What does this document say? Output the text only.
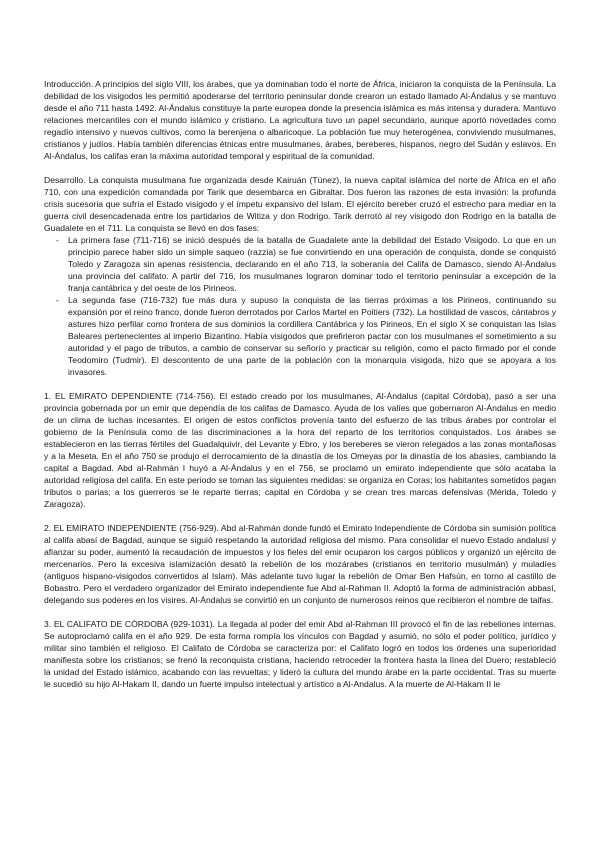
Introducción. A principios del siglo VIII, los árabes, que ya dominaban todo el norte de África, iniciaron la conquista de la Península. La debilidad de los visigodos les permitió apoderarse del territorio peninsular donde crearon un estado llamado Al-Ándalus y se mantuvo desde el año 711 hasta 1492. Al-Ándalus constituye la parte europea donde la presencia islámica es más intensa y duradera. Mantuvo relaciones mercantiles con el mundo islámico y cristiano. La agricultura tuvo un papel secundario, aunque aportó novedades como regadío intensivo y nuevos cultivos, como la berenjena o albaricoque. La población fue muy heterogénea, conviviendo musulmanes, cristianos y judíos. Había también diferencias étnicas entre musulmanes, árabes, bereberes, hispanos, negro del Sudán y eslavos. En Al-Ándalus, los califas eran la máxima autoridad temporal y espiritual de la comunidad.

Desarrollo. La conquista musulmana fue organizada desde Kairuán (Túnez), la nueva capital islámica del norte de África en el año 710, con una expedición comandada por Tarik que desembarca en Gibraltar. Dos fueron las razones de esta invasión: la profunda crisis sucesoria que sufría el Estado visigodo y el ímpetu expansivo del Islam. El ejército bereber cruzó el estrecho para mediar en la guerra civil desencadenada entre los partidarios de Witiza y don Rodrigo. Tarik derrotó al rey visigodo don Rodrigo en la batalla de Guadalete en el 711. La conquista se llevó en dos fases:

- La primera fase (711-716) se inició después de la batalla de Guadalete ante la debilidad del Estado Visigodo. Lo que en un principio parece haber sido un simple saqueo (razzia) se fue convirtiendo en una operación de conquista, donde se conquistó Toledo y Zaragoza sin apenas resistencia, declarando en el año 713, la soberanía del Califa de Damasco, siendo Al-Ándalus una provincia del califato. A partir del 716, los musulmanes lograron dominar todo el territorio peninsular a excepción de la franja cantábrica y del oeste de los Pirineos.
- La segunda fase (716-732) fue más dura y supuso la conquista de las tierras próximas a los Pirineos, continuando su expansión por el reino franco, donde fueron derrotados por Carlos Martel en Poitiers (732). La hostilidad de vascos, cántabros y astures hizo perfilar como frontera de sus dominios la cordillera Cantábrica y los Pirineos, En el siglo X se conquistan las Islas Baleares pertenecientes al imperio Bizantino. Había visigodos que prefirieron pactar con los musulmanes el sometimiento a su autoridad y el pago de tributos, a cambio de conservar su señorío y practicar su religión, como el pacto firmado por el conde Teodomiro (Tudmir). El descontento de una parte de la población con la monarquía visigoda, hizo que se apoyara a los invasores.

1. EL EMIRATO DEPENDIENTE (714-756). El estado creado por los musulmanes, Al-Ándalus (capital Córdoba), pasó a ser una provincia gobernada por un emir que dependía de los califas de Damasco. Ayuda de los valíes que gobernaron Al-Ándalus en medio de un clima de luchas incesantes. El origen de estos conflictos provenía tanto del esfuerzo de las tribus árabes por controlar el gobierno de la Península como de las discriminaciones a la hora del reparto de los territorios conquistados. Los árabes se establecieron en las tierras fértiles del Guadalquivir, del Levante y Ebro, y los bereberes se vieron relegados a las zonas montañosas y a la Meseta. En el año 750 se produjo el derrocamiento de la dinastía de los Omeyas por la dinastía de los abasíes, cambiando la capital a Bagdad. Abd al-Rahmán I huyó a Al-Ándalus y en el 756, se proclamó un emirato independiente que sólo acataba la autoridad religiosa del califa. En este periodo se toman las siguientes medidas: se organiza en Coras; los habitantes sometidos pagan tributos o parias; a los guerreros se le reparte tierras; capital en Córdoba y se crean tres marcas defensivas (Mérida, Toledo y Zaragoza).

2. EL EMIRATO INDEPENDIENTE (756-929). Abd al-Rahmán donde fundó el Emirato Independiente de Córdoba sin sumisión política al califa abasí de Bagdad, aunque se siguió respetando la autoridad religiosa del mismo. Para consolidar el nuevo Estado andalusí y afianzar su poder, aumentó la recaudación de impuestos y los fieles del emir ocuparon los cargos públicos y organizó un ejército de mercenarios. Pero la excesiva islamización desató la rebelión de los mozárabes (cristianos en territorio musulmán) y muladíes (antiguos hispano-visigodos convertidos al Islam). Más adelante tuvo lugar la rebelión de Omar Ben Hafsún, en torno al castillo de Bobastro. Pero el verdadero organizador del Emirato independiente fue Abd al-Rahman II. Adoptó la forma de administración abbasí, delegando sus poderes en los visires. Al-Ándalus se convirtió en un conjunto de numerosos reinos que recibieron el nombre de taifas.

3. EL CALIFATO DE CÓRDOBA (929-1031). La llegada al poder del emir Abd al-Rahman III provocó el fin de las rebeliones internas. Se autoproclamó califa en el año 929. De esta forma rompía los vínculos con Bagdad y asumió, no sólo el poder político, jurídico y militar sino también el religioso. El Califato de Córdoba se caracteriza por: el Califato logró en todos los órdenes una superioridad manifiesta sobre los cristianos; se frenó la reconquista cristiana, haciendo retroceder la frontera hasta la línea del Duero; restableció la unidad del Estado islámico, acabando con las revueltas; y lideró la cultura del mundo árabe en la parte occidental. Tras su muerte le sucedió su hijo Al-Hakam II, dando un fuerte impulso intelectual y artístico a Al-Andalus. A la muerte de Al-Hakam II le
